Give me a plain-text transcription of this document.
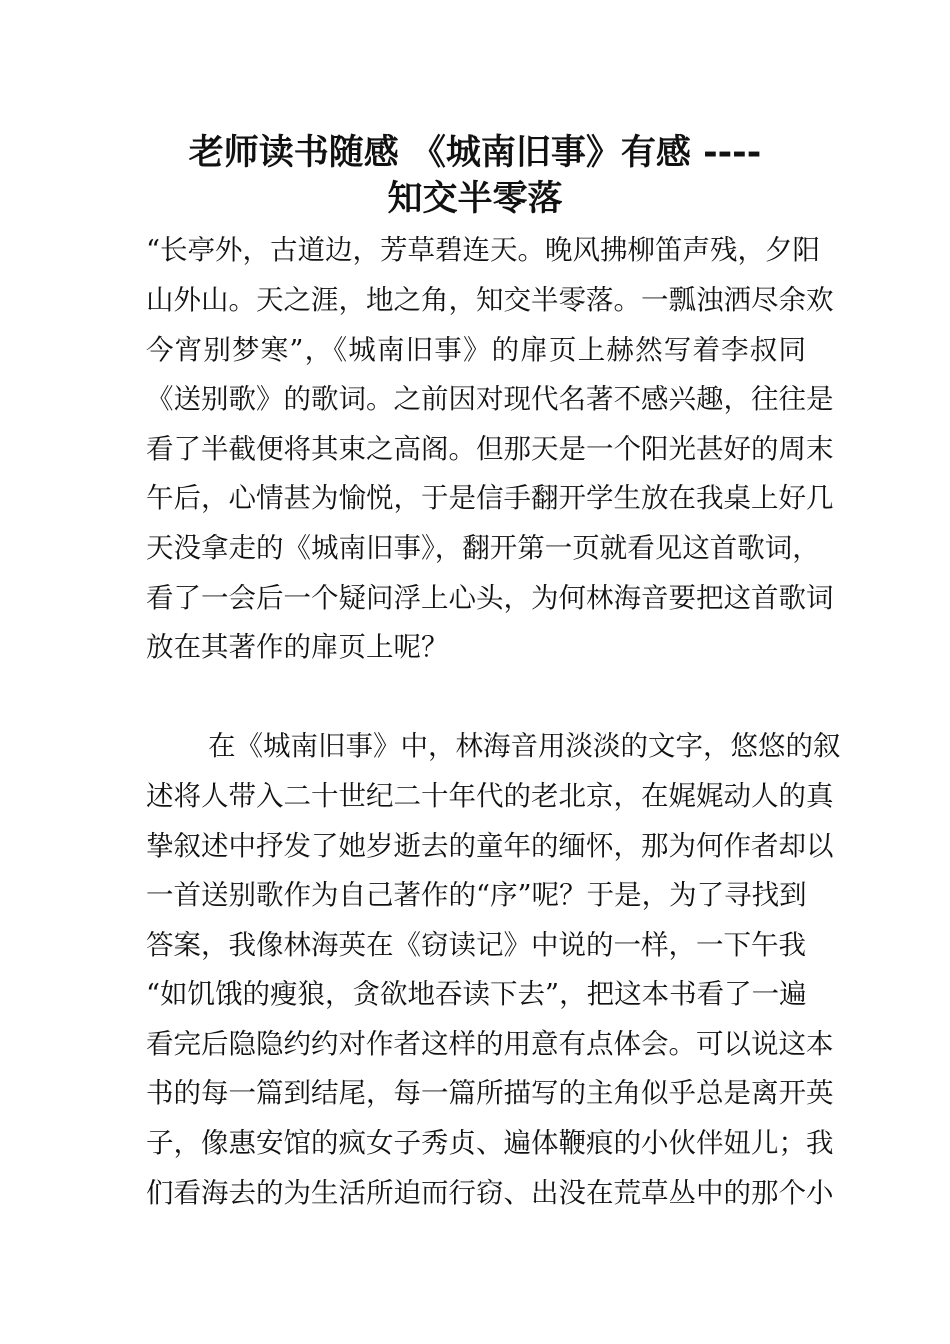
老师读书随感 《城南旧事》有感 ----
知交半零落
“长亭外，古道边，芳草碧连天。晚风拂柳笛声残，夕阳
山外山。天之涯，地之角，知交半零落。一瓢浊洒尽余欢
今宵别梦寒”，《城南旧事》的扉页上赫然写着李叔同
《送别歌》的歌词。之前因对现代名著不感兴趣，往往是
看了半截便将其束之高阁。但那天是一个阳光甚好的周末
午后，心情甚为愉悦，于是信手翻开学生放在我桌上好几
天没拿走的《城南旧事》，翻开第一页就看见这首歌词，
看了一会后一个疑问浮上心头，为何林海音要把这首歌词
放在其著作的扉页上呢？
在《城南旧事》中，林海音用淡淡的文字，悠悠的叙
述将人带入二十世纪二十年代的老北京，在娓娓动人的真
挚叙述中抒发了她岁逝去的童年的缅怀，那为何作者却以
一首送别歌作为自己著作的“序”呢？于是，为了寻找到
答案，我像林海英在《窃读记》中说的一样，一下午我
“如饥饿的瘦狼，贪欲地吞读下去”，把这本书看了一遍
看完后隐隐约约对作者这样的用意有点体会。可以说这本
书的每一篇到结尾，每一篇所描写的主角似乎总是离开英
子，像惠安馆的疯女子秀贞、遍体鞭痕的小伙伴妞儿；我
们看海去的为生活所迫而行窃、出没在荒草丛中的那个小
